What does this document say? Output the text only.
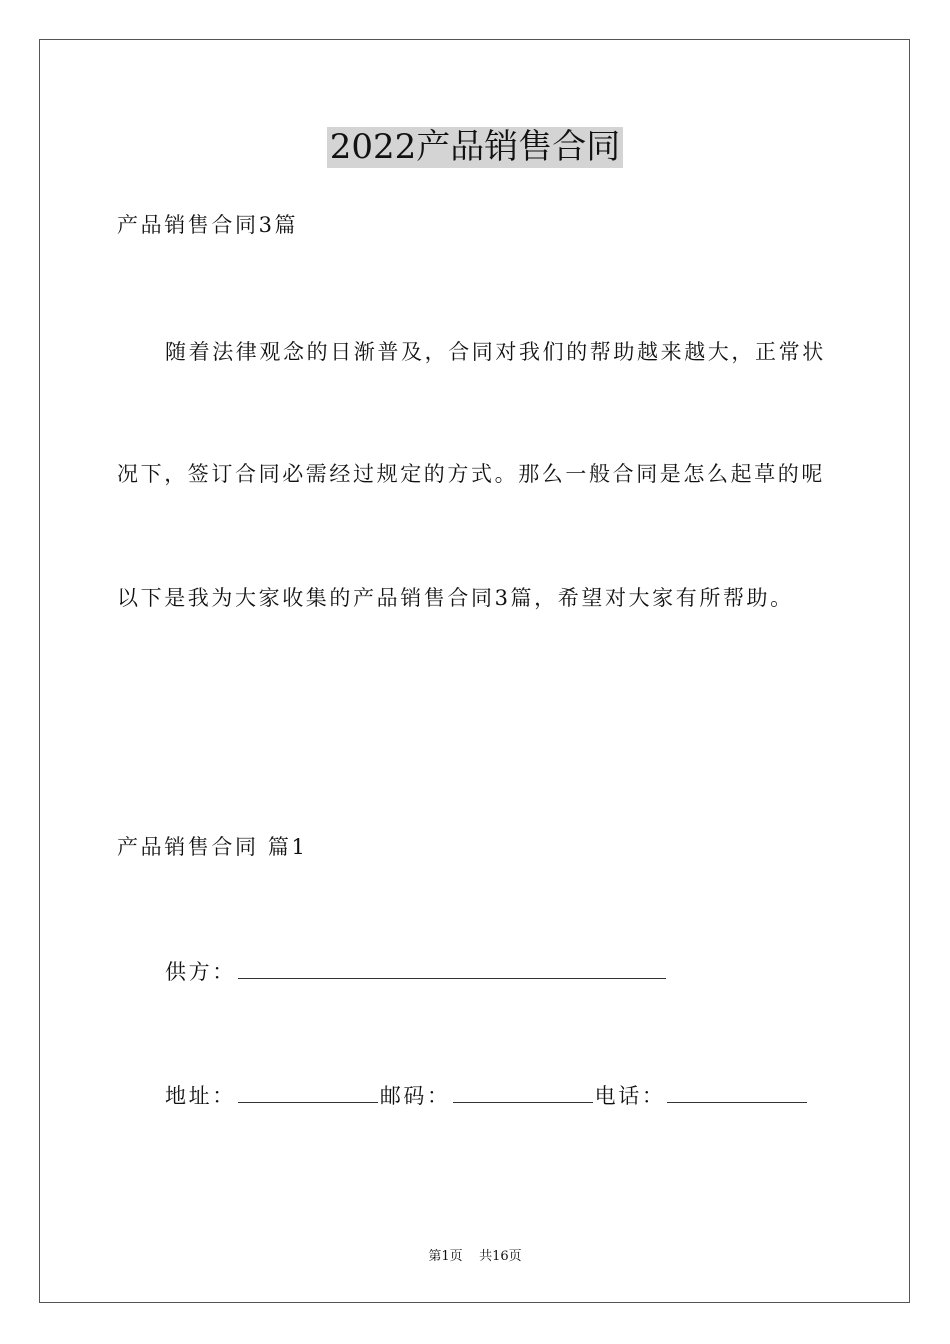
2022产品销售合同
产品销售合同3篇
随着法律观念的日渐普及，合同对我们的帮助越来越大，正常状
况下，签订合同必需经过规定的方式。那么一般合同是怎么起草的呢
以下是我为大家收集的产品销售合同3篇，希望对大家有所帮助。
产品销售合同 篇1
供方：
地址：	邮码：	电话：
第1页    共16页
